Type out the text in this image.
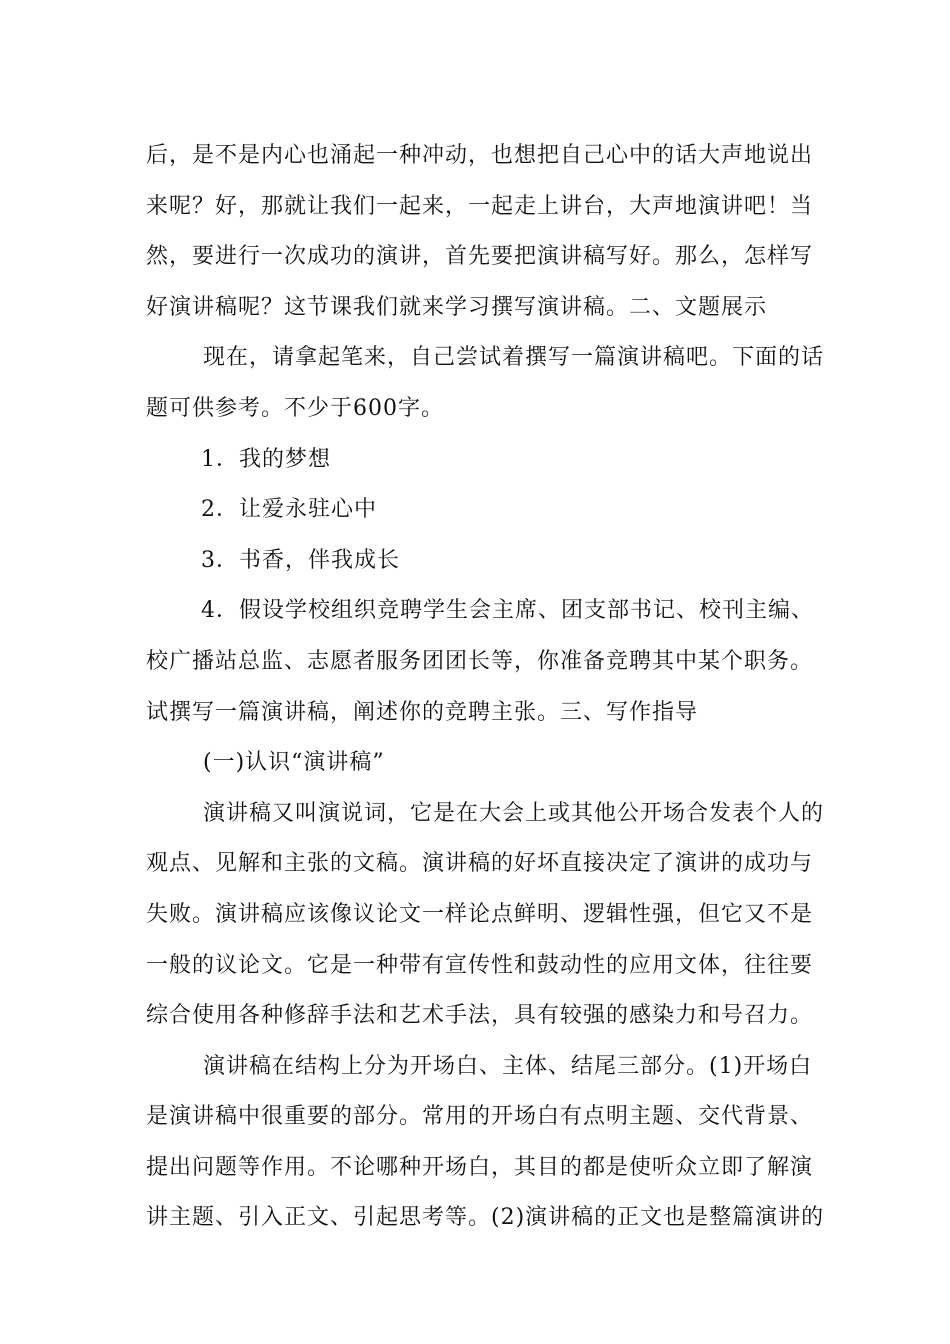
后，是不是内心也涌起一种冲动，也想把自己心中的话大声地说出
来呢？好，那就让我们一起来，一起走上讲台，大声地演讲吧！当
然，要进行一次成功的演讲，首先要把演讲稿写好。那么，怎样写
好演讲稿呢？这节课我们就来学习撰写演讲稿。二、文题展示
现在，请拿起笔来，自己尝试着撰写一篇演讲稿吧。下面的话
题可供参考。不少于600字。
1．我的梦想
2．让爱永驻心中
3．书香，伴我成长
4．假设学校组织竞聘学生会主席、团支部书记、校刊主编、
校广播站总监、志愿者服务团团长等，你准备竞聘其中某个职务。
试撰写一篇演讲稿，阐述你的竞聘主张。三、写作指导
(一)认识“演讲稿”
演讲稿又叫演说词，它是在大会上或其他公开场合发表个人的
观点、见解和主张的文稿。演讲稿的好坏直接决定了演讲的成功与
失败。演讲稿应该像议论文一样论点鲜明、逻辑性强，但它又不是
一般的议论文。它是一种带有宣传性和鼓动性的应用文体，往往要
综合使用各种修辞手法和艺术手法，具有较强的感染力和号召力。
演讲稿在结构上分为开场白、主体、结尾三部分。(1)开场白
是演讲稿中很重要的部分。常用的开场白有点明主题、交代背景、
提出问题等作用。不论哪种开场白，其目的都是使听众立即了解演
讲主题、引入正文、引起思考等。(2)演讲稿的正文也是整篇演讲的
